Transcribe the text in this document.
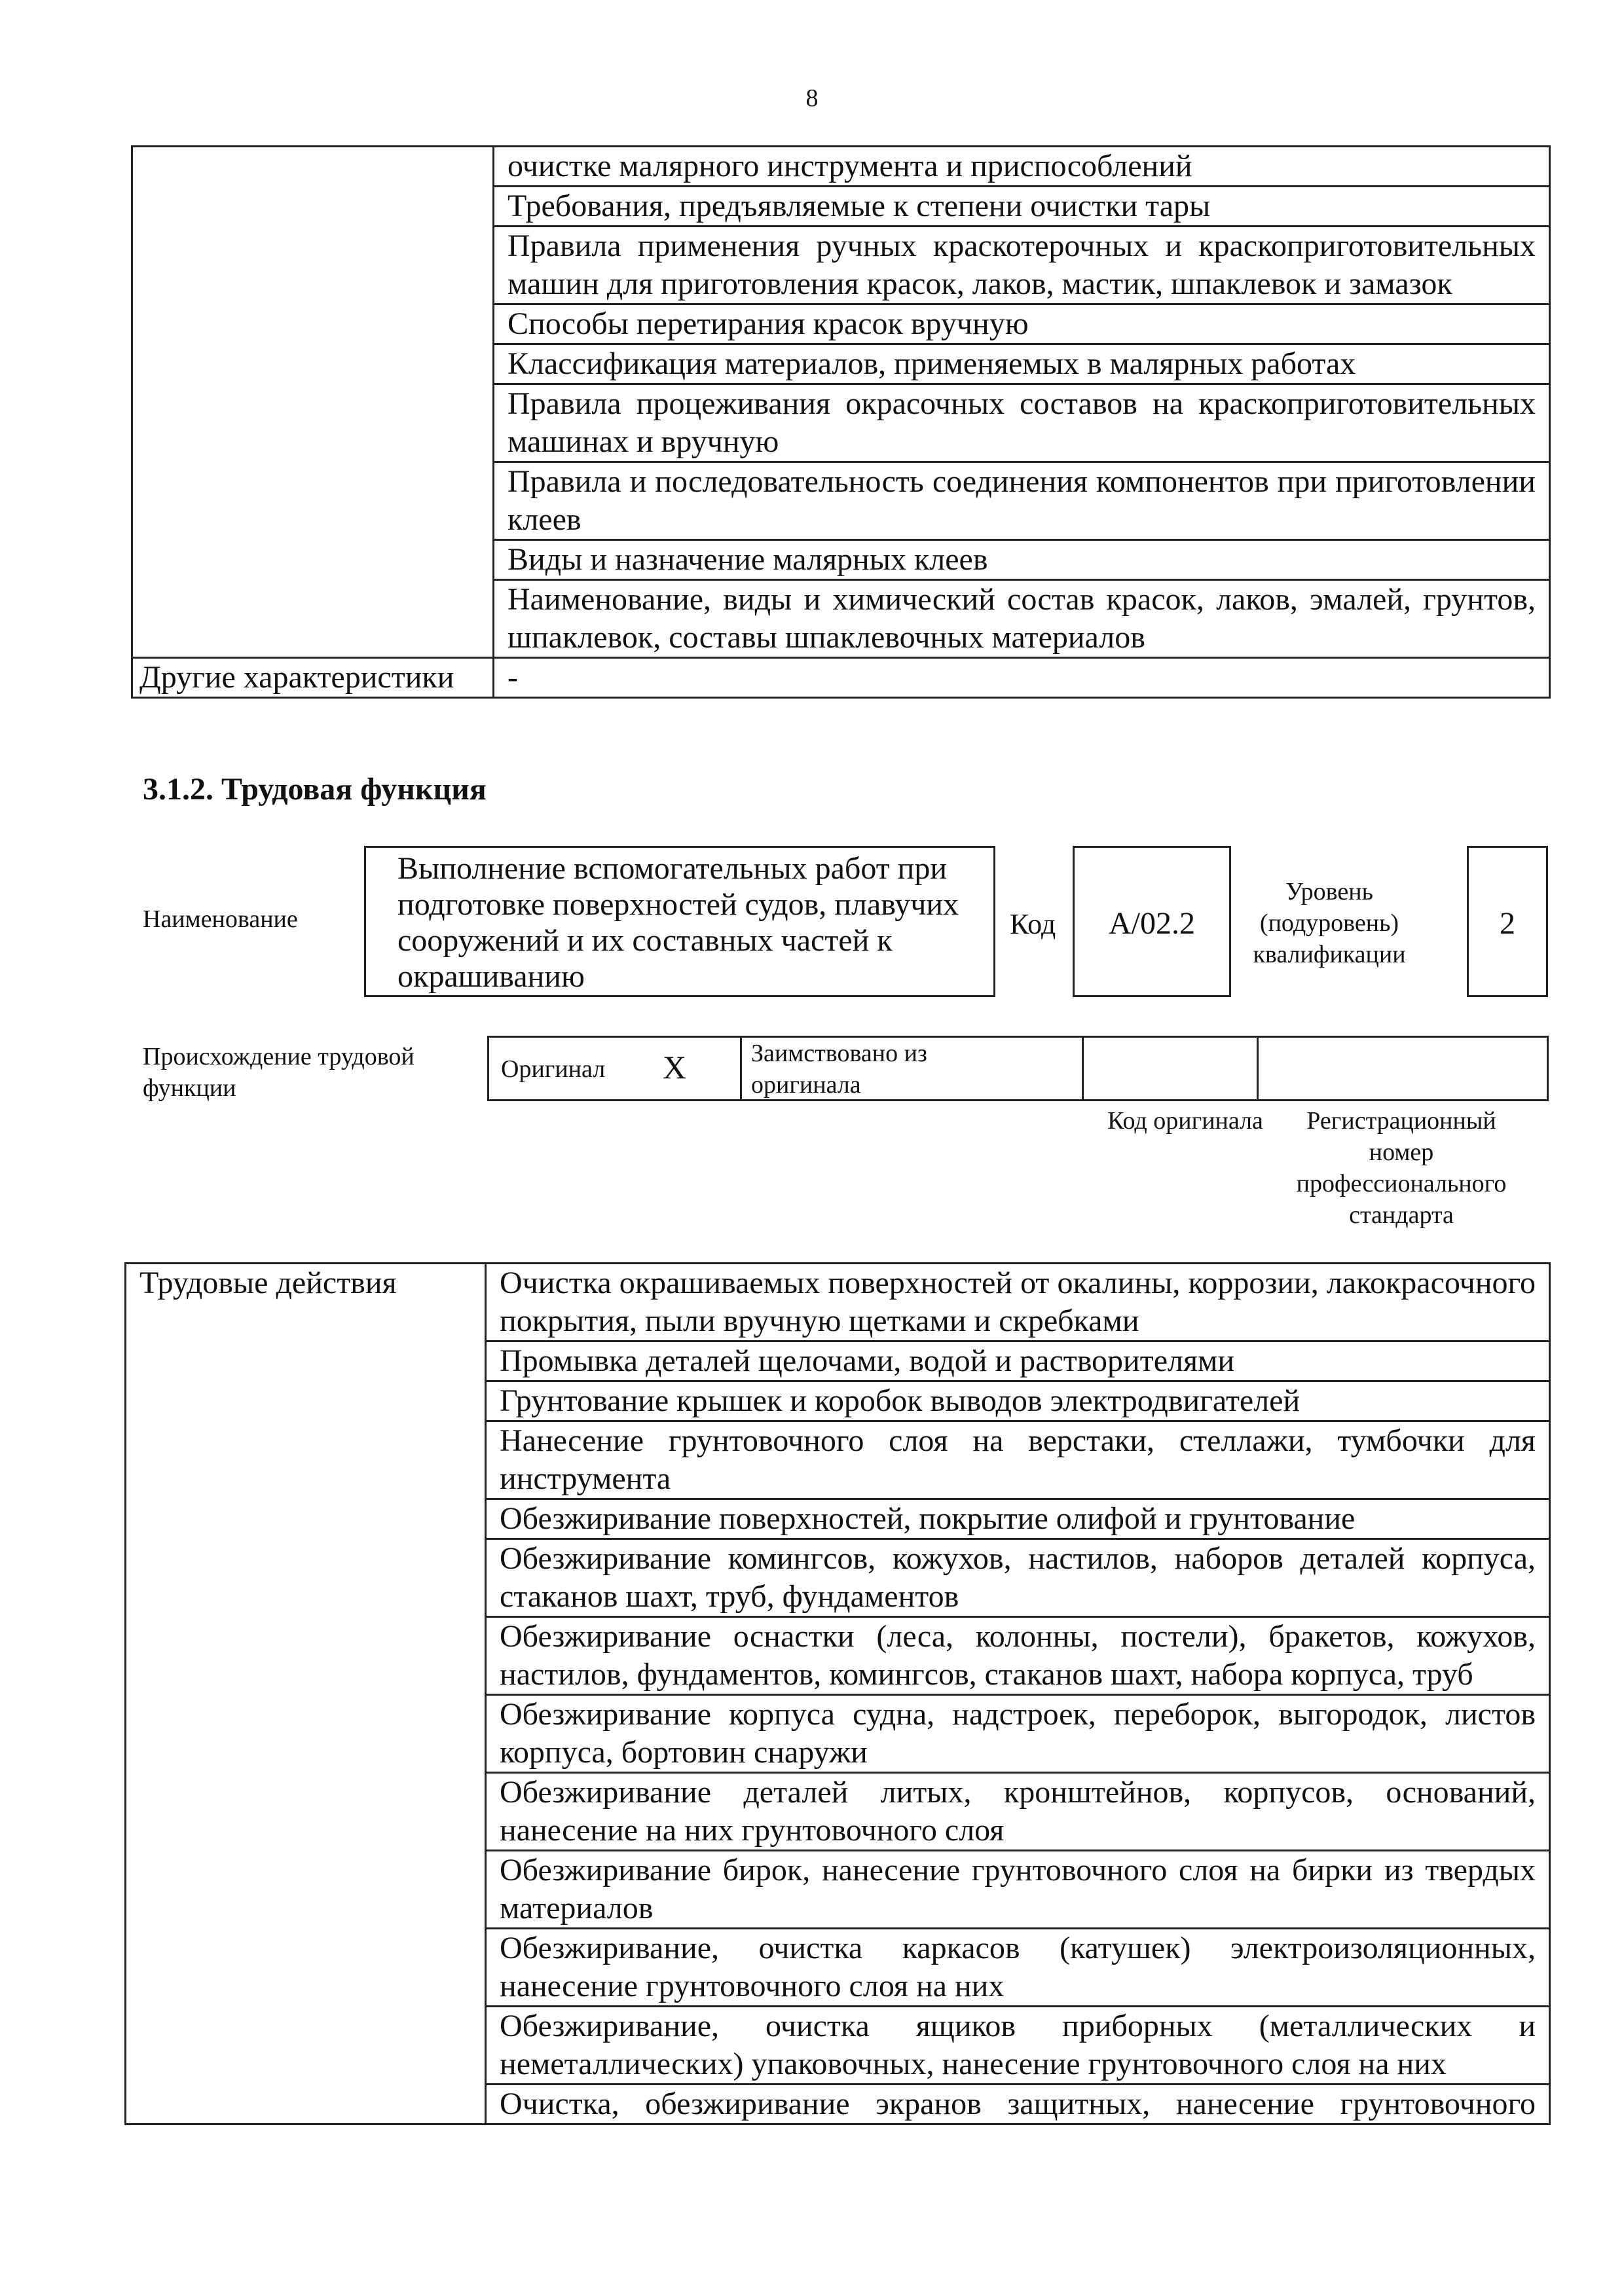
8
	очистке малярного инструмента и приспособлений
	Требования, предъявляемые к степени очистки тары
	Правила применения ручных краскотерочных и краскоприготовительных машин для приготовления красок, лаков, мастик, шпаклевок и замазок
	Способы перетирания красок вручную
	Классификация материалов, применяемых в малярных работах
	Правила процеживания окрасочных составов на краскоприготовительных машинах и вручную
	Правила и последовательность соединения компонентов при приготовлении клеев
	Виды и назначение малярных клеев
	Наименование, виды и химический состав красок, лаков, эмалей, грунтов, шпаклевок, составы шпаклевочных материалов
Другие характеристики	-
3.1.2. Трудовая функция
Наименование
Выполнение вспомогательных работ при подготовке поверхностей судов, плавучих сооружений и их составных частей к окрашиванию
Код	A/02.2
Уровень (подуровень) квалификации
2
Происхождение трудовой функции
Оригинал X	Заимствовано из оригинала
Код оригинала	Регистрационный номер профессионального стандарта
Трудовые действия	Очистка окрашиваемых поверхностей от окалины, коррозии, лакокрасочного покрытия, пыли вручную щетками и скребками
Промывка деталей щелочами, водой и растворителями
Грунтование крышек и коробок выводов электродвигателей
Нанесение грунтовочного слоя на верстаки, стеллажи, тумбочки для инструмента
Обезжиривание поверхностей, покрытие олифой и грунтование
Обезжиривание комингсов, кожухов, настилов, наборов деталей корпуса, стаканов шахт, труб, фундаментов
Обезжиривание оснастки (леса, колонны, постели), бракетов, кожухов, настилов, фундаментов, комингсов, стаканов шахт, набора корпуса, труб
Обезжиривание корпуса судна, надстроек, переборок, выгородок, листов корпуса, бортовин снаружи
Обезжиривание деталей литых, кронштейнов, корпусов, оснований, нанесение на них грунтовочного слоя
Обезжиривание бирок, нанесение грунтовочного слоя на бирки из твердых материалов
Обезжиривание, очистка каркасов (катушек) электроизоляционных, нанесение грунтовочного слоя на них
Обезжиривание, очистка ящиков приборных (металлических и неметаллических) упаковочных, нанесение грунтовочного слоя на них
Очистка, обезжиривание экранов защитных, нанесение грунтовочного
